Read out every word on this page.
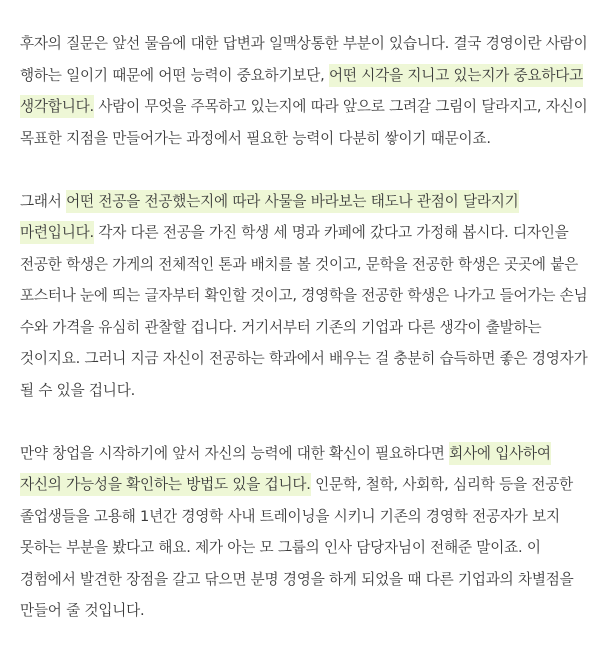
후자의 질문은 앞선 물음에 대한 답변과 일맥상통한 부분이 있습니다. 결국 경영이란 사람이 행하는 일이기 때문에 어떤 능력이 중요하기보단, 어떤 시각을 지니고 있는지가 중요하다고 생각합니다. 사람이 무엇을 주목하고 있는지에 따라 앞으로 그려갈 그림이 달라지고, 자신이 목표한 지점을 만들어가는 과정에서 필요한 능력이 다분히 쌓이기 때문이죠.

그래서 어떤 전공을 전공했는지에 따라 사물을 바라보는 태도나 관점이 달라지기 마련입니다. 각자 다른 전공을 가진 학생 세 명과 카페에 갔다고 가정해 봅시다. 디자인을 전공한 학생은 가게의 전체적인 톤과 배치를 볼 것이고, 문학을 전공한 학생은 곳곳에 붙은 포스터나 눈에 띄는 글자부터 확인할 것이고, 경영학을 전공한 학생은 나가고 들어가는 손님 수와 가격을 유심히 관찰할 겁니다. 거기서부터 기존의 기업과 다른 생각이 출발하는 것이지요. 그러니 지금 자신이 전공하는 학과에서 배우는 걸 충분히 습득하면 좋은 경영자가 될 수 있을 겁니다.

만약 창업을 시작하기에 앞서 자신의 능력에 대한 확신이 필요하다면 회사에 입사하여 자신의 가능성을 확인하는 방법도 있을 겁니다. 인문학, 철학, 사회학, 심리학 등을 전공한 졸업생들을 고용해 1년간 경영학 사내 트레이닝을 시키니 기존의 경영학 전공자가 보지 못하는 부분을 봤다고 해요. 제가 아는 모 그룹의 인사 담당자님이 전해준 말이죠. 이 경험에서 발견한 장점을 갈고 닦으면 분명 경영을 하게 되었을 때 다른 기업과의 차별점을 만들어 줄 것입니다.
